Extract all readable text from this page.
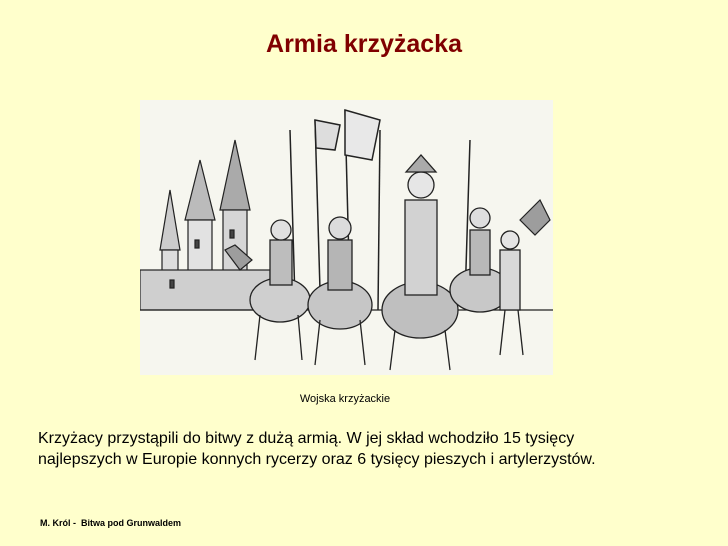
Armia krzyżacka
Wojska krzyżackie
Krzyżacy przystąpili do bitwy z dużą armią. W jej skład wchodziło 15 tysięcy
najlepszych w Europie konnych rycerzy oraz 6 tysięcy pieszych i artylerzystów.
M. Król -  Bitwa pod Grunwaldem
